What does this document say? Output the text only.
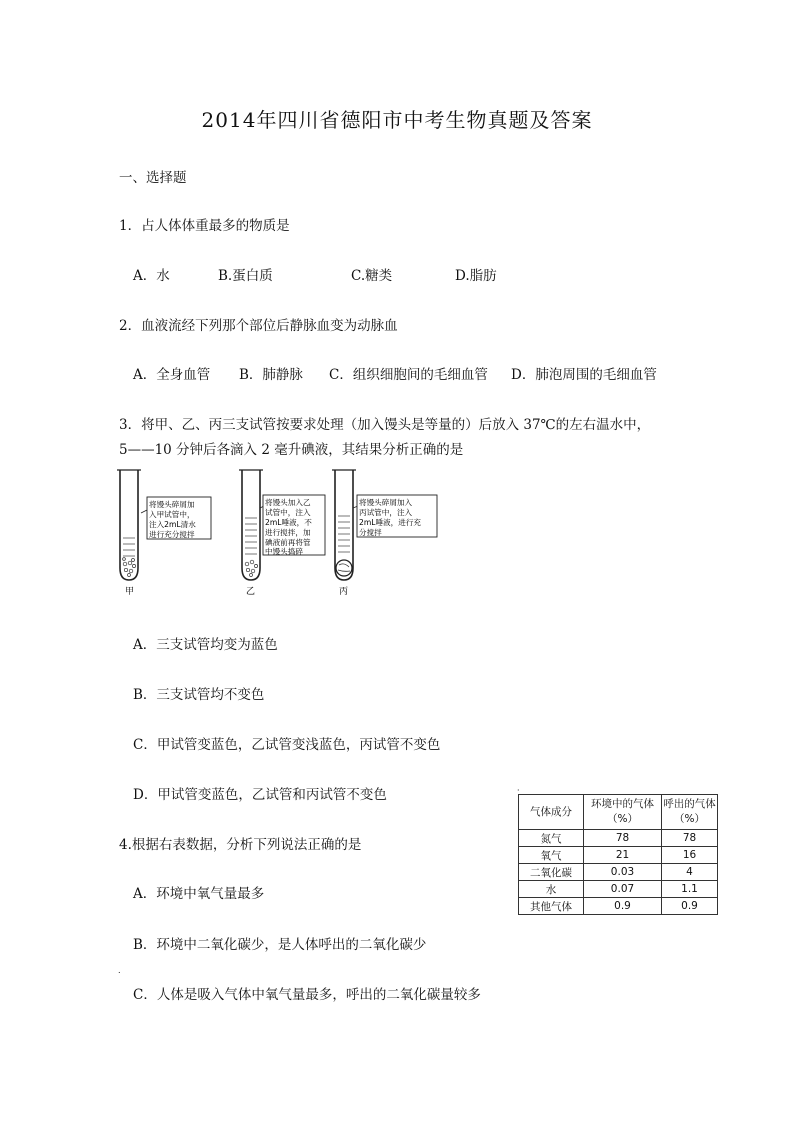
2014年四川省德阳市中考生物真题及答案
一、选择题
1．占人体体重最多的物质是
A．水	B.蛋白质	C.糖类	D.脂肪
2．血液流经下列那个部位后静脉血变为动脉血
A．全身血管 B．肺静脉 C．组织细胞间的毛细血管 D．肺泡周围的毛细血管
3．将甲、乙、丙三支试管按要求处理（加入馒头是等量的）后放入 37℃的左右温水中，
5——10 分钟后各滴入 2 毫升碘液，其结果分析正确的是
将馒头碎屑加
入甲试管中，
注入2mL清水
进行充分搅拌
甲
将馒头加入乙
试管中，注入
2mL唾液，不
进行搅拌，加
碘液前再将管
中馒头捣碎
乙
将馒头碎屑加入
丙试管中，注入
2mL唾液，进行充
分搅拌
丙
A．三支试管均变为蓝色
B．三支试管均不变色
C．甲试管变蓝色，乙试管变浅蓝色，丙试管不变色
D．甲试管变蓝色，乙试管和丙试管不变色
4.根据右表数据，分析下列说法正确的是
A．环境中氧气量最多
B．环境中二氧化碳少，是人体呼出的二氧化碳少
C．人体是吸入气体中氧气量最多，呼出的二氧化碳量较多
·
.
气体成分	环境中的气体（%）	呼出的气体（%）
氮气	78	78
氧气	21	16
二氧化碳	0.03	4
水	0.07	1.1
其他气体	0.9	0.9
